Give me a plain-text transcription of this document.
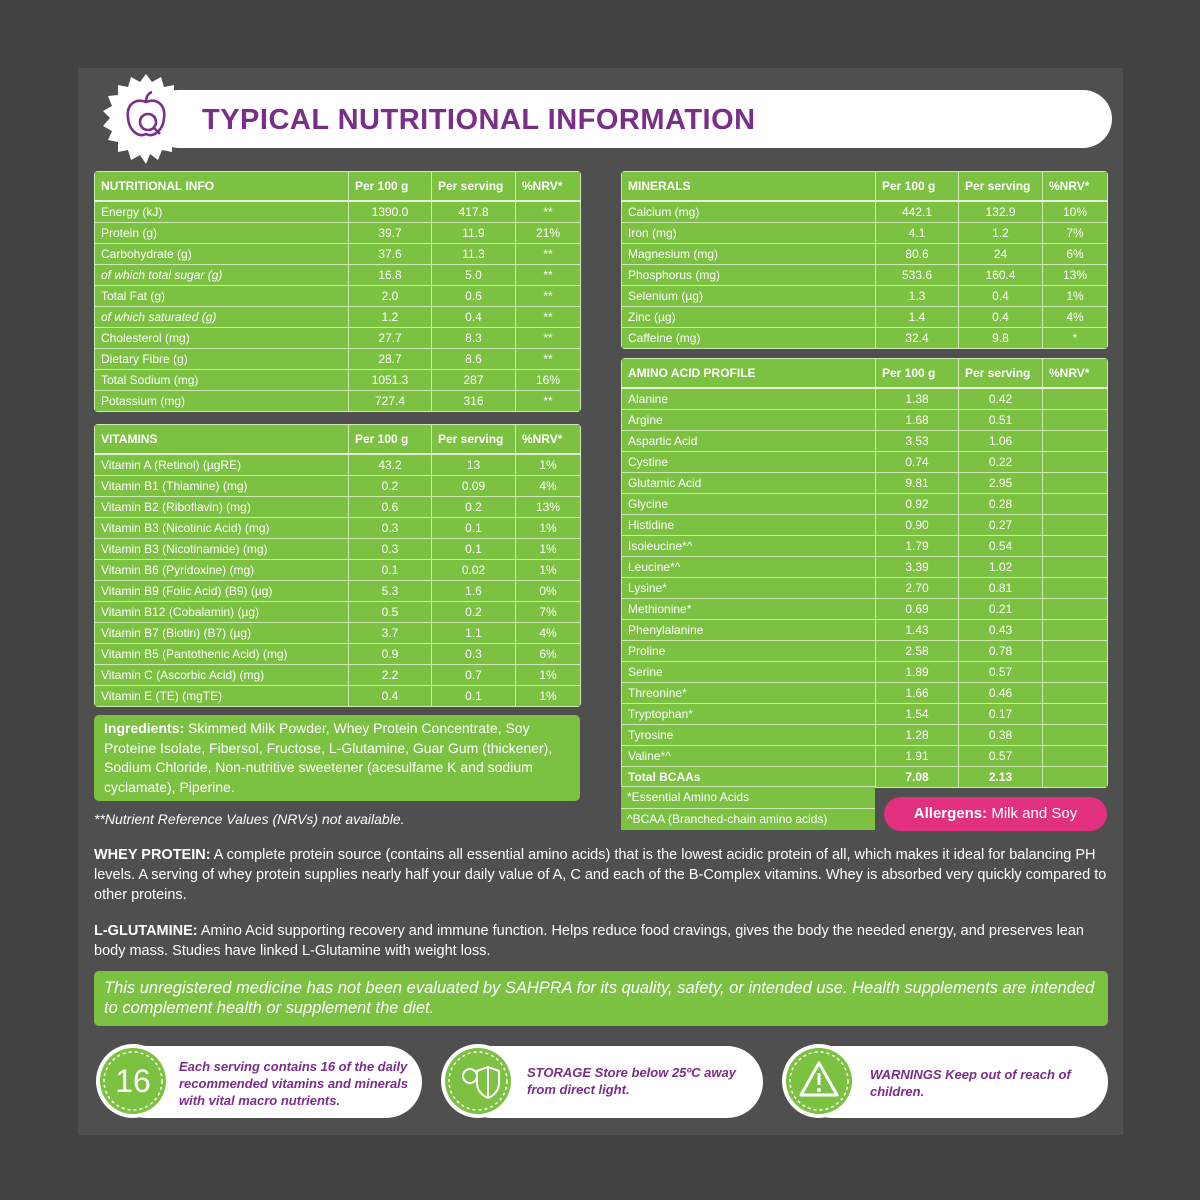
TYPICAL NUTRITIONAL INFORMATION
NUTRITIONAL INFO	Per 100 g	Per serving	%NRV*
Energy (kJ)	1390.0	417.8	**
Protein (g)	39.7	11.9	21%
Carbohydrate (g)	37.6	11.3	**
of which total sugar (g)	16.8	5.0	**
Total Fat (g)	2.0	0.6	**
of which saturated (g)	1.2	0.4	**
Cholesterol (mg)	27.7	8.3	**
Dietary Fibre (g)	28.7	8.6	**
Total Sodium (mg)	1051.3	287	16%
Potassium (mg)	727.4	316	**
VITAMINS	Per 100 g	Per serving	%NRV*
Vitamin A (Retinol) (µgRE)	43.2	13	1%
Vitamin B1 (Thiamine) (mg)	0.2	0.09	4%
Vitamin B2 (Riboflavin) (mg)	0.6	0.2	13%
Vitamin B3 (Nicotinic Acid) (mg)	0.3	0.1	1%
Vitamin B3 (Nicotinamide) (mg)	0.3	0.1	1%
Vitamin B6 (Pyridoxine) (mg)	0.1	0.02	1%
Vitamin B9 (Folic Acid) (B9) (µg)	5.3	1.6	0%
Vitamin B12 (Cobalamin) (µg)	0.5	0.2	7%
Vitamin B7 (Biotin) (B7) (µg)	3.7	1.1	4%
Vitamin B5 (Pantothenic Acid) (mg)	0.9	0.3	6%
Vitamin C (Ascorbic Acid) (mg)	2.2	0.7	1%
Vitamin E (TE) (mgTE)	0.4	0.1	1%
MINERALS	Per 100 g	Per serving	%NRV*
Calcium (mg)	442.1	132.9	10%
Iron (mg)	4.1	1.2	7%
Magnesium (mg)	80.6	24	6%
Phosphorus (mg)	533.6	160.4	13%
Selenium (µg)	1.3	0.4	1%
Zinc (µg)	1.4	0.4	4%
Caffeine (mg)	32.4	9.8	*
AMINO ACID PROFILE	Per 100 g	Per serving	%NRV*
Alanine	1.38	0.42	
Argine	1.68	0.51	
Aspartic Acid	3.53	1.06	
Cystine	0.74	0.22	
Glutamic Acid	9.81	2.95	
Glycine	0.92	0.28	
Histidine	0.90	0.27	
Isoleucine*^	1.79	0.54	
Leucine*^	3.39	1.02	
Lysine*	2.70	0.81	
Methionine*	0.69	0.21	
Phenylalanine	1.43	0.43	
Proline	2.58	0.78	
Serine	1.89	0.57	
Threonine*	1.66	0.46	
Tryptophan*	1.54	0.17	
Tyrosine	1.28	0.38	
Valine*^	1.91	0.57	
Total BCAAs	7.08	2.13	
*Essential Amino Acids
^BCAA (Branched-chain amino acids)	Allergens: Milk and Soy
Ingredients: Skimmed Milk Powder, Whey Protein Concentrate, Soy Proteine Isolate, Fibersol, Fructose, L-Glutamine, Guar Gum (thickener), Sodium Chloride, Non-nutritive sweetener (acesulfame K and sodium cyclamate), Piperine.
**Nutrient Reference Values (NRVs) not available.
WHEY PROTEIN: A complete protein source (contains all essential amino acids) that is the lowest acidic protein of all, which makes it ideal for balancing PH levels. A serving of whey protein supplies nearly half your daily value of A, C and each of the B-Complex vitamins. Whey is absorbed very quickly compared to other proteins.
L-GLUTAMINE: Amino Acid supporting recovery and immune function. Helps reduce food cravings, gives the body the needed energy, and preserves lean body mass. Studies have linked L-Glutamine with weight loss.
This unregistered medicine has not been evaluated by SAHPRA for its quality, safety, or intended use. Health supplements are intended to complement health or supplement the diet.
16	Each serving contains 16 of the daily recommended vitamins and minerals with vital macro nutrients.
STORAGE Store below 25ºC away from direct light.
WARNINGS Keep out of reach of children.
